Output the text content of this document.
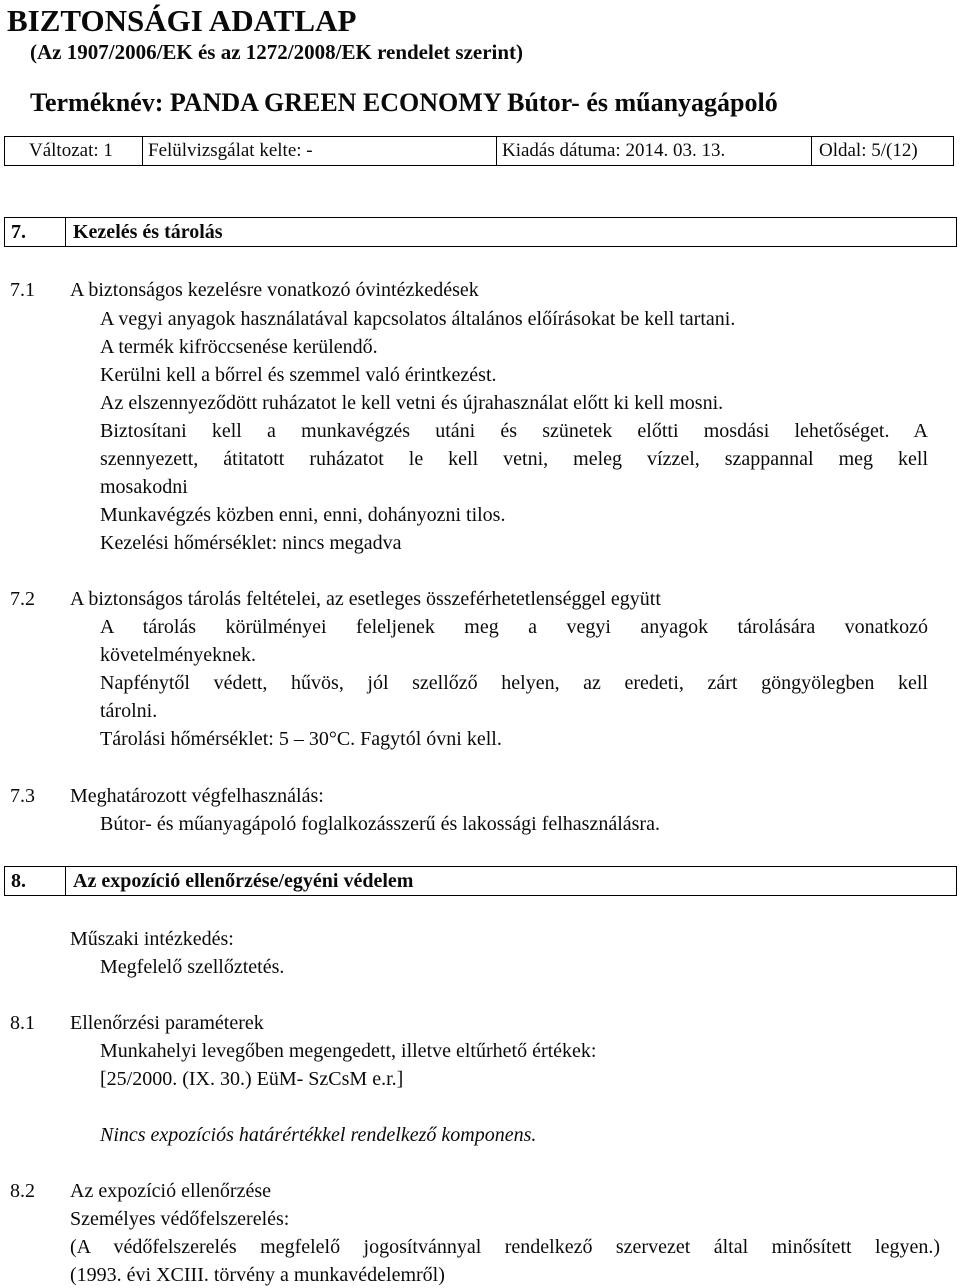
BIZTONSÁGI ADATLAP
(Az 1907/2006/EK és az 1272/2008/EK rendelet szerint)
Terméknév: PANDA GREEN ECONOMY Bútor- és műanyagápoló
Változat: 1 Felülvizsgálat kelte: -	Kiadás dátuma: 2014. 03. 13.	Oldal: 5/(12)
7. Kezelés és tárolás
7.1 A biztonságos kezelésre vonatkozó óvintézkedések
A vegyi anyagok használatával kapcsolatos általános előírásokat be kell tartani.
A termék kifröccsenése kerülendő.
Kerülni kell a bőrrel és szemmel való érintkezést.
Az elszennyeződött ruházatot le kell vetni és újrahasználat előtt ki kell mosni.
Biztosítani kell a munkavégzés utáni és szünetek előtti mosdási lehetőséget. A
szennyezett, átitatott ruházatot le kell vetni, meleg vízzel, szappannal meg kell
mosakodni
Munkavégzés közben enni, enni, dohányozni tilos.
Kezelési hőmérséklet: nincs megadva
7.2 A biztonságos tárolás feltételei, az esetleges összeférhetetlenséggel együtt
A tárolás körülményei feleljenek meg a vegyi anyagok tárolására vonatkozó
követelményeknek.
Napfénytől védett, hűvös, jól szellőző helyen, az eredeti, zárt göngyölegben kell
tárolni.
Tárolási hőmérséklet: 5 – 30°C. Fagytól óvni kell.
7.3 Meghatározott végfelhasználás:
Bútor- és műanyagápoló foglalkozásszerű és lakossági felhasználásra.
8. Az expozíció ellenőrzése/egyéni védelem
Műszaki intézkedés:
Megfelelő szellőztetés.
8.1 Ellenőrzési paraméterek
Munkahelyi levegőben megengedett, illetve eltűrhető értékek:
[25/2000. (IX. 30.) EüM- SzCsM e.r.]
Nincs expozíciós határértékkel rendelkező komponens.
8.2 Az expozíció ellenőrzése
Személyes védőfelszerelés:
(A védőfelszerelés megfelelő jogosítvánnyal rendelkező szervezet által minősített legyen.)
(1993. évi XCIII. törvény a munkavédelemről)
